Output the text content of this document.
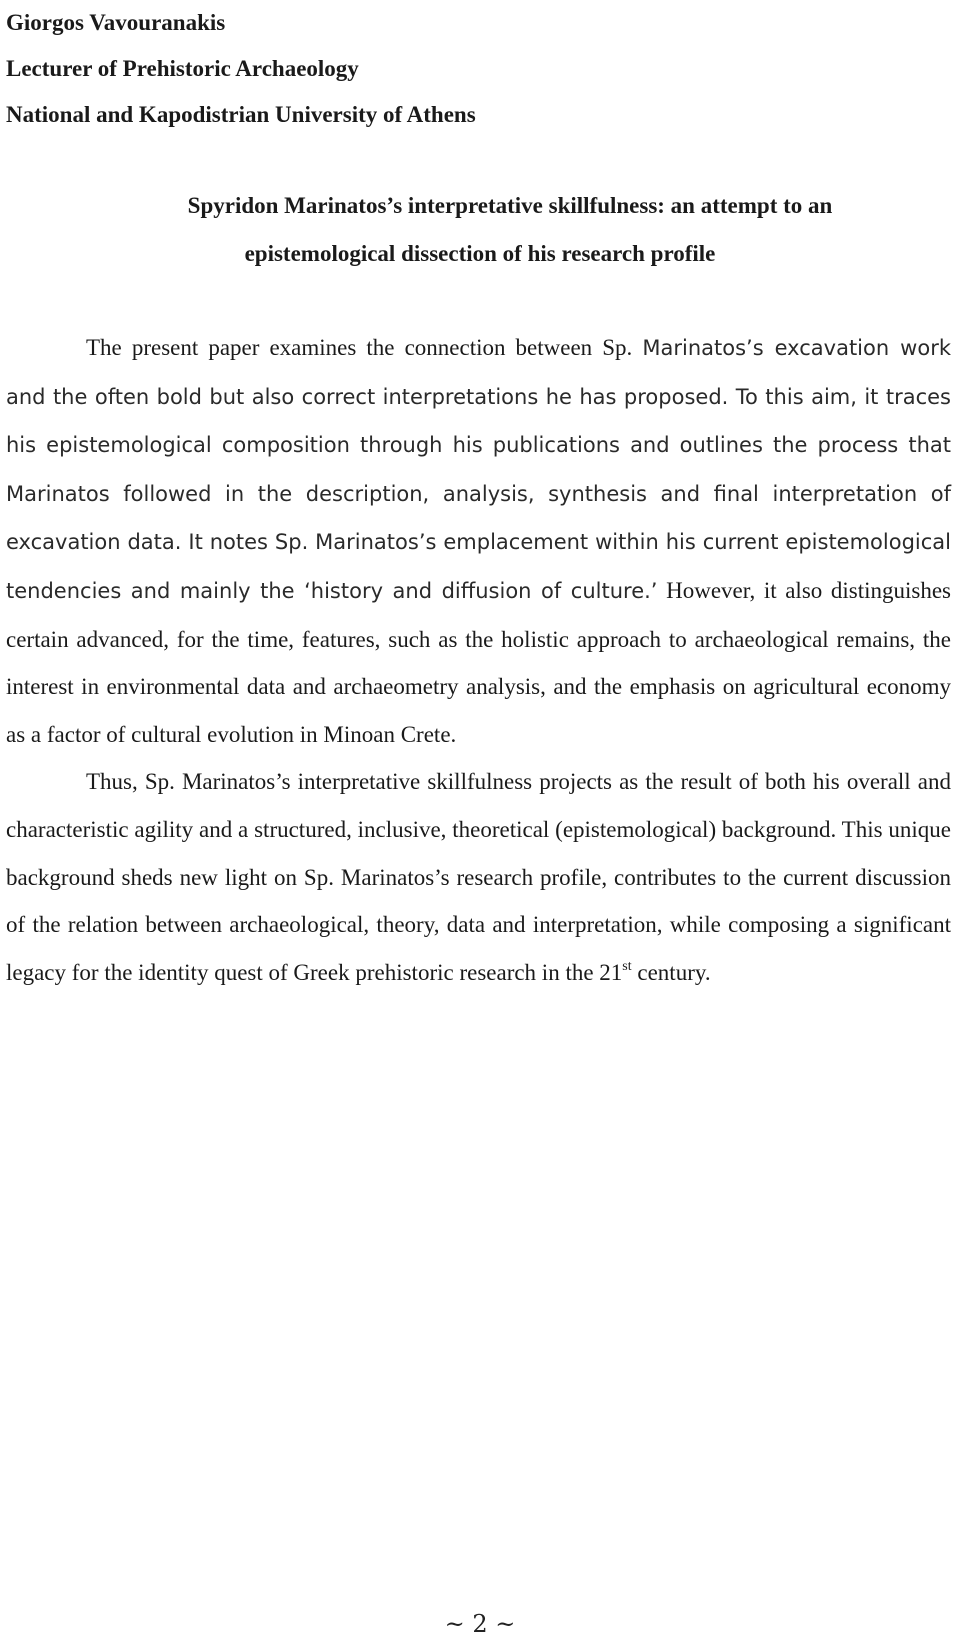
Giorgos Vavouranakis
Lecturer of Prehistoric Archaeology
National and Kapodistrian University of Athens
Spyridon Marinatos’s interpretative skillfulness: an attempt to an
epistemological dissection of his research profile

The present paper examines the connection between Sp. Marinatos’s excavation work and the often bold but also correct interpretations he has proposed. To this aim, it traces his epistemological composition through his publications and outlines the process that Marinatos followed in the description, analysis, synthesis and final interpretation of excavation data. It notes Sp. Marinatos’s emplacement within his current epistemological tendencies and mainly the ‘history and diffusion of culture.’ However, it also distinguishes certain advanced, for the time, features, such as the holistic approach to archaeological remains, the interest in environmental data and archaeometry analysis, and the emphasis on agricultural economy as a factor of cultural evolution in Minoan Crete.

Thus, Sp. Marinatos’s interpretative skillfulness projects as the result of both his overall and characteristic agility and a structured, inclusive, theoretical (epistemological) background. This unique background sheds new light on Sp. Marinatos’s research profile, contributes to the current discussion of the relation between archaeological, theory, data and interpretation, while composing a significant legacy for the identity quest of Greek prehistoric research in the 21st century.

~ 2 ~
